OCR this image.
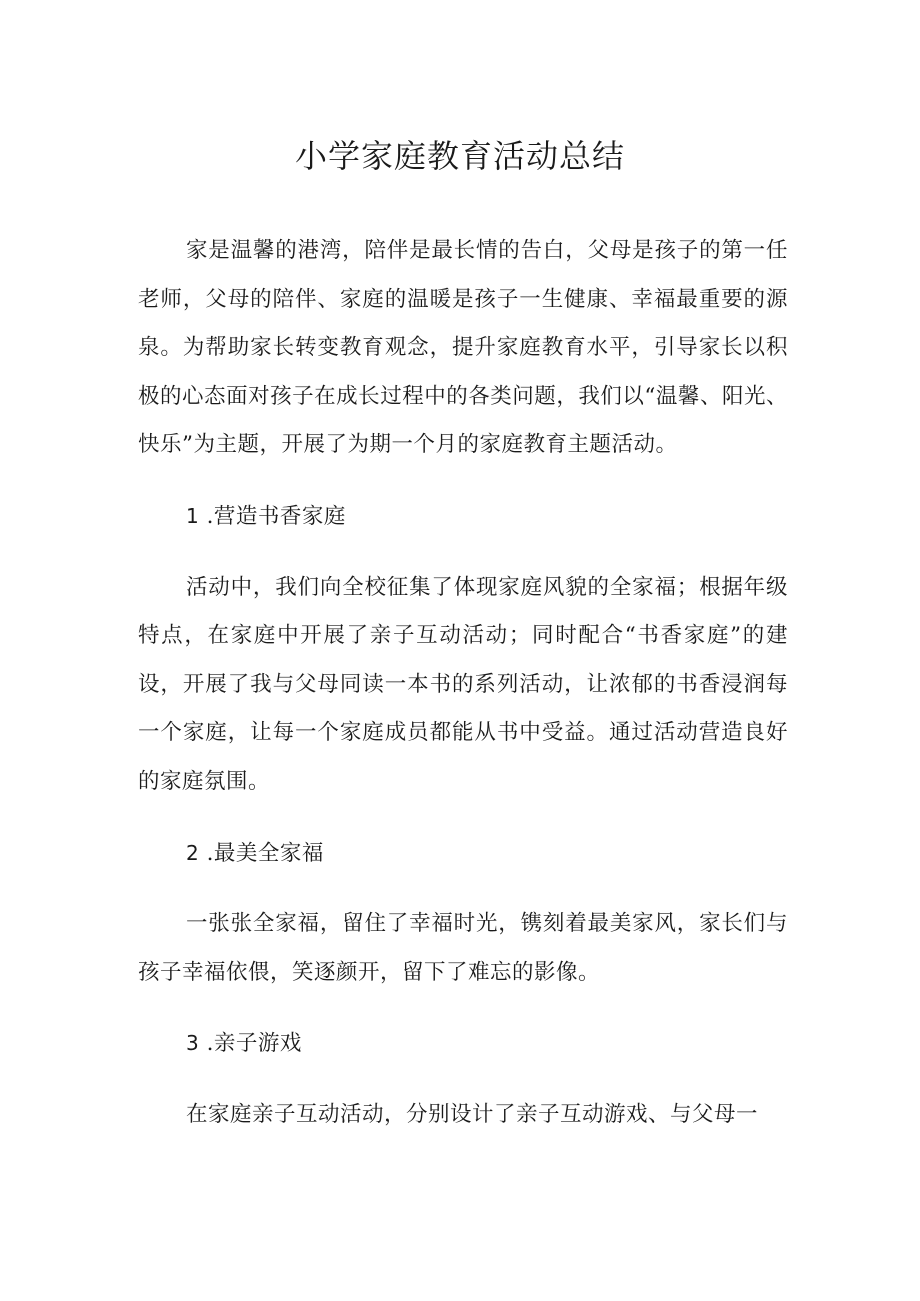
小学家庭教育活动总结

家是温馨的港湾，陪伴是最长情的告白，父母是孩子的第一任老师，父母的陪伴、家庭的温暖是孩子一生健康、幸福最重要的源泉。为帮助家长转变教育观念，提升家庭教育水平，引导家长以积极的心态面对孩子在成长过程中的各类问题，我们以“温馨、阳光、快乐”为主题，开展了为期一个月的家庭教育主题活动。

1 .营造书香家庭

活动中，我们向全校征集了体现家庭风貌的全家福；根据年级特点，在家庭中开展了亲子互动活动；同时配合“书香家庭”的建设，开展了我与父母同读一本书的系列活动，让浓郁的书香浸润每一个家庭，让每一个家庭成员都能从书中受益。通过活动营造良好的家庭氛围。

2 .最美全家福

一张张全家福，留住了幸福时光，镌刻着最美家风，家长们与孩子幸福依偎，笑逐颜开，留下了难忘的影像。

3 .亲子游戏

在家庭亲子互动活动，分别设计了亲子互动游戏、与父母一
